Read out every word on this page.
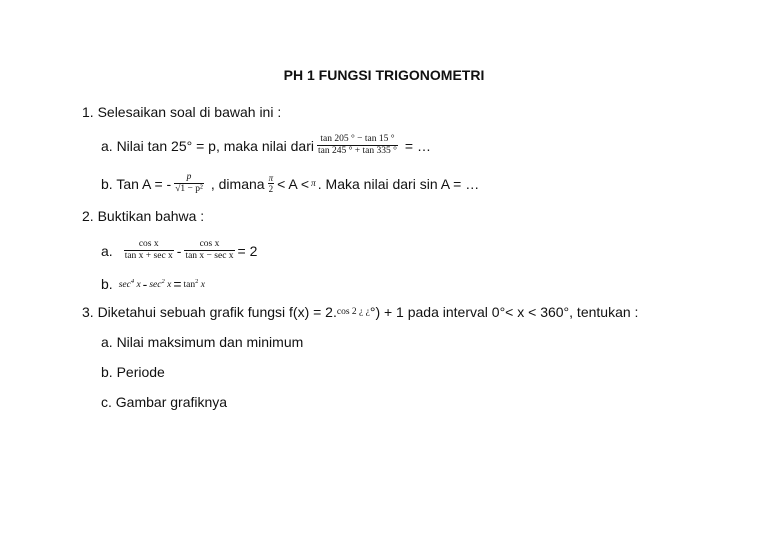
PH 1 FUNGSI TRIGONOMETRI
1. Selesaikan soal di bawah ini :
a. Nilai tan 25° = p, maka nilai dari $\frac{\tan 205 ^\circ - \tan 15 ^\circ}{\tan 245 ^\circ + \tan 335 ^\circ}$ = …
b. Tan A = - $\frac{p}{\text{√1 − p²}}$ , dimana $\frac{\pi}{2} < A < \pi$ . Maka nilai dari sin A = …
2. Buktikan bahwa :
a. $\frac{\text{cos x}}{\text{tan x + sec x}} - \frac{\text{cos x}}{\text{tan x − sec x}} = 2$
b. $\sec^4 x - \sec^2 x = \tan^2 x$
3. Diketahui sebuah grafik fungsi f(x) = 2. cos 2 ¿ ¿ °) + 1 pada interval 0°< x < 360°, tentukan :
a. Nilai maksimum dan minimum
b. Periode
c. Gambar grafiknya
